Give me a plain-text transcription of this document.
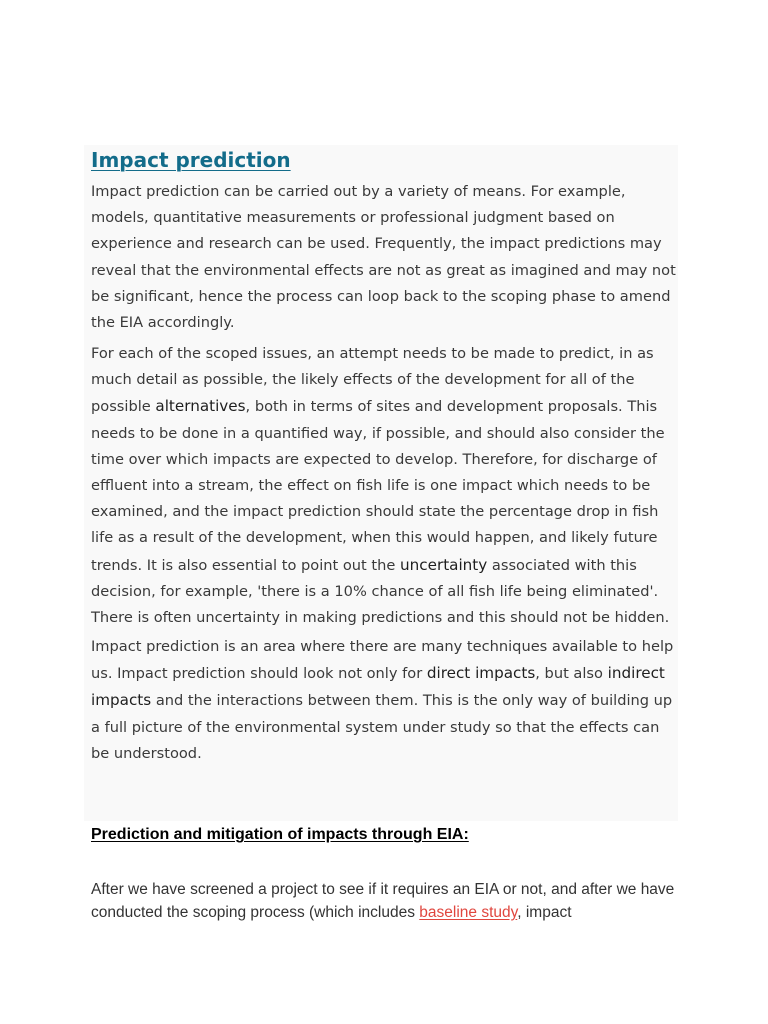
Impact prediction

Impact prediction can be carried out by a variety of means. For example, models, quantitative measurements or professional judgment based on experience and research can be used. Frequently, the impact predictions may reveal that the environmental effects are not as great as imagined and may not be significant, hence the process can loop back to the scoping phase to amend the EIA accordingly.

For each of the scoped issues, an attempt needs to be made to predict, in as much detail as possible, the likely effects of the development for all of the possible alternatives, both in terms of sites and development proposals. This needs to be done in a quantified way, if possible, and should also consider the time over which impacts are expected to develop. Therefore, for discharge of effluent into a stream, the effect on fish life is one impact which needs to be examined, and the impact prediction should state the percentage drop in fish life as a result of the development, when this would happen, and likely future trends. It is also essential to point out the uncertainty associated with this decision, for example, 'there is a 10% chance of all fish life being eliminated'. There is often uncertainty in making predictions and this should not be hidden.

Impact prediction is an area where there are many techniques available to help us. Impact prediction should look not only for direct impacts, but also indirect impacts and the interactions between them. This is the only way of building up a full picture of the environmental system under study so that the effects can be understood.

Prediction and mitigation of impacts through EIA:

After we have screened a project to see if it requires an EIA or not, and after we have conducted the scoping process (which includes baseline study, impact
